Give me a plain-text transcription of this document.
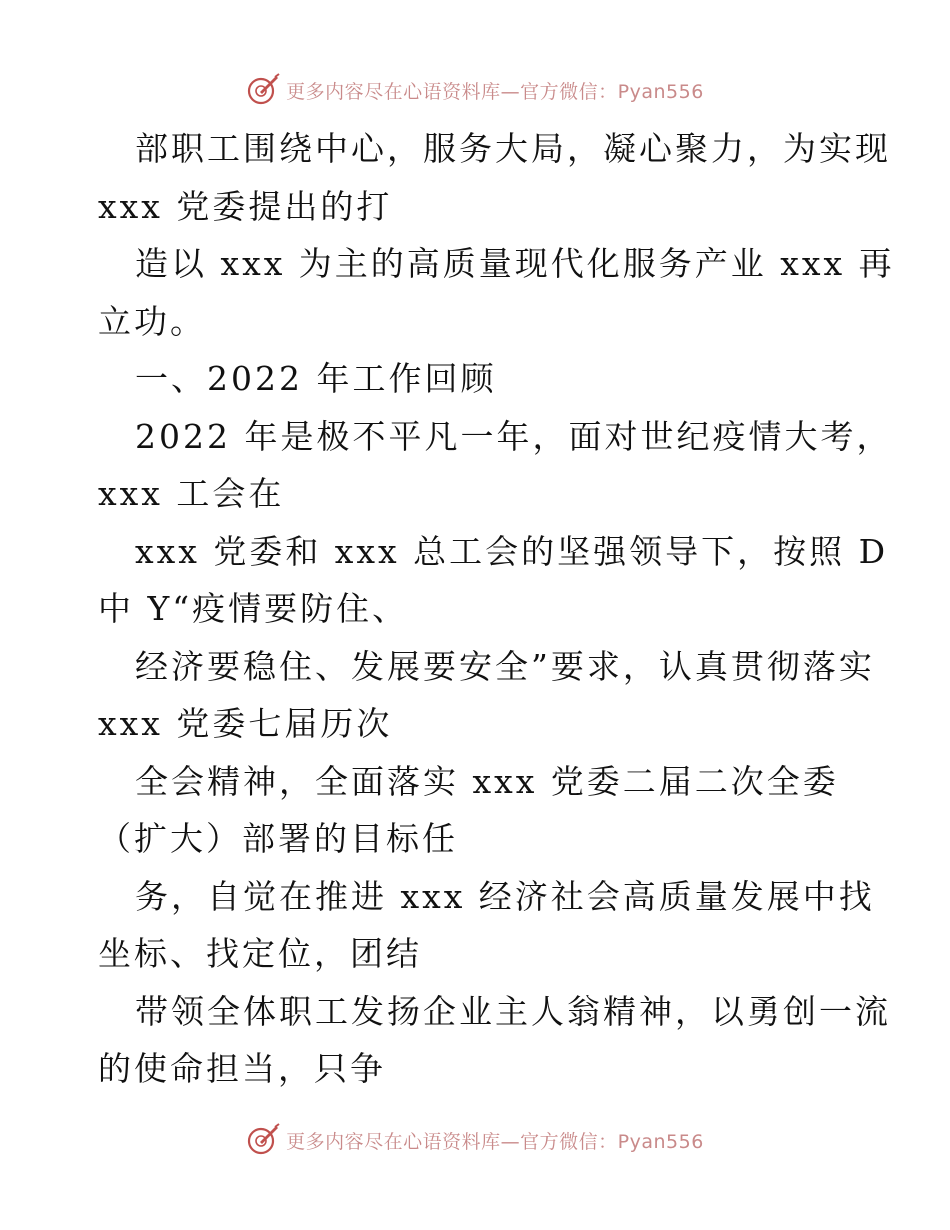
更多内容尽在心语资料库—官方微信：Pyan556
部职工围绕中心，服务大局，凝心聚力，为实现
xxx 党委提出的打
造以 xxx 为主的高质量现代化服务产业 xxx 再
立功。
一、2022 年工作回顾
2022 年是极不平凡一年，面对世纪疫情大考，
xxx 工会在
xxx 党委和 xxx 总工会的坚强领导下，按照 D
中 Y“疫情要防住、
经济要稳住、发展要安全”要求，认真贯彻落实
xxx 党委七届历次
全会精神，全面落实 xxx 党委二届二次全委
（扩大）部署的目标任
务，自觉在推进 xxx 经济社会高质量发展中找
坐标、找定位，团结
带领全体职工发扬企业主人翁精神，以勇创一流
的使命担当，只争
更多内容尽在心语资料库—官方微信：Pyan556
